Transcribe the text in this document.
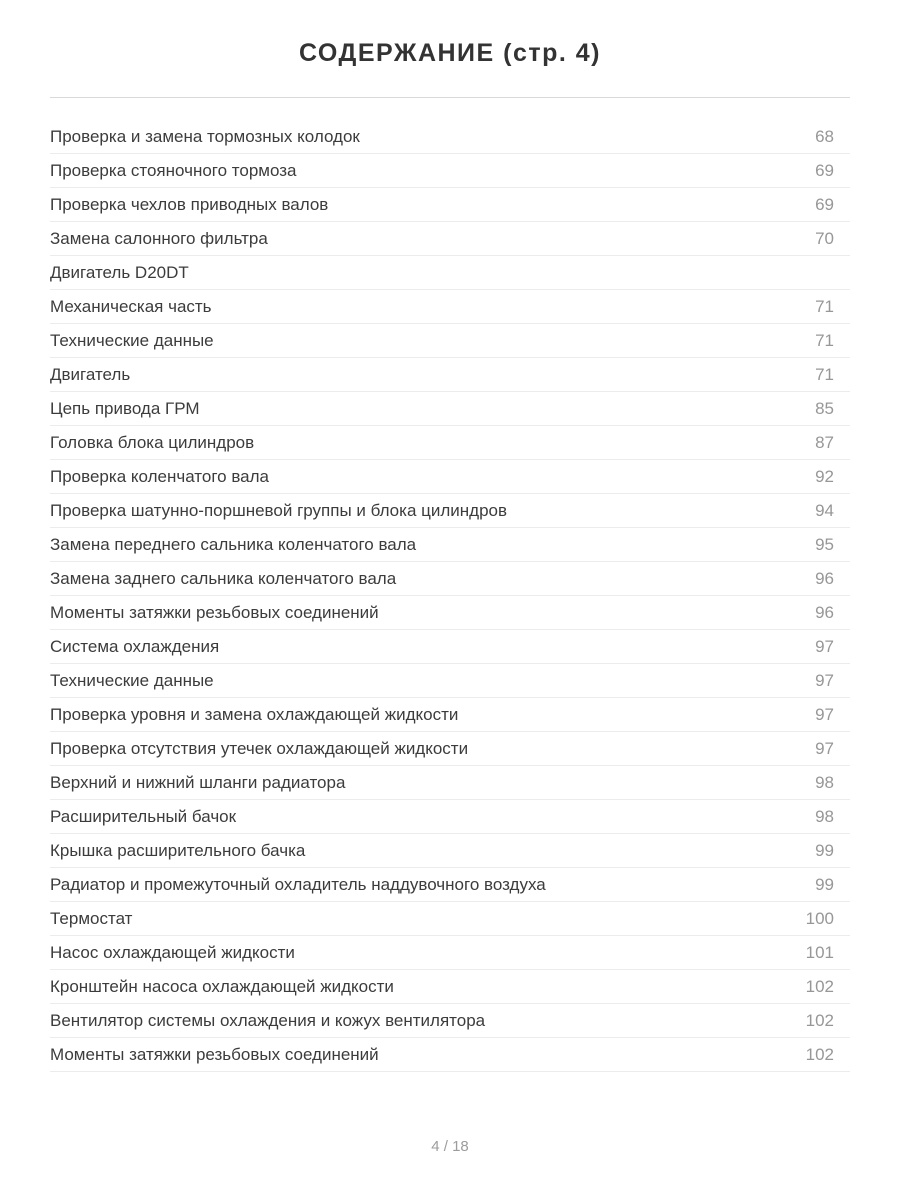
СОДЕРЖАНИЕ (стр. 4)
Проверка и замена тормозных колодок	68
Проверка стояночного тормоза	69
Проверка чехлов приводных валов	69
Замена салонного фильтра	70
Двигатель D20DT
Механическая часть	71
Технические данные	71
Двигатель	71
Цепь привода ГРМ	85
Головка блока цилиндров	87
Проверка коленчатого вала	92
Проверка шатунно-поршневой группы и блока цилиндров	94
Замена переднего сальника коленчатого вала	95
Замена заднего сальника коленчатого вала	96
Моменты затяжки резьбовых соединений	96
Система охлаждения	97
Технические данные	97
Проверка уровня и замена охлаждающей жидкости	97
Проверка отсутствия утечек охлаждающей жидкости	97
Верхний и нижний шланги радиатора	98
Расширительный бачок	98
Крышка расширительного бачка	99
Радиатор и промежуточный охладитель наддувочного воздуха	99
Термостат	100
Насос охлаждающей жидкости	101
Кронштейн насоса охлаждающей жидкости	102
Вентилятор системы охлаждения и кожух вентилятора	102
Моменты затяжки резьбовых соединений	102
4 / 18
